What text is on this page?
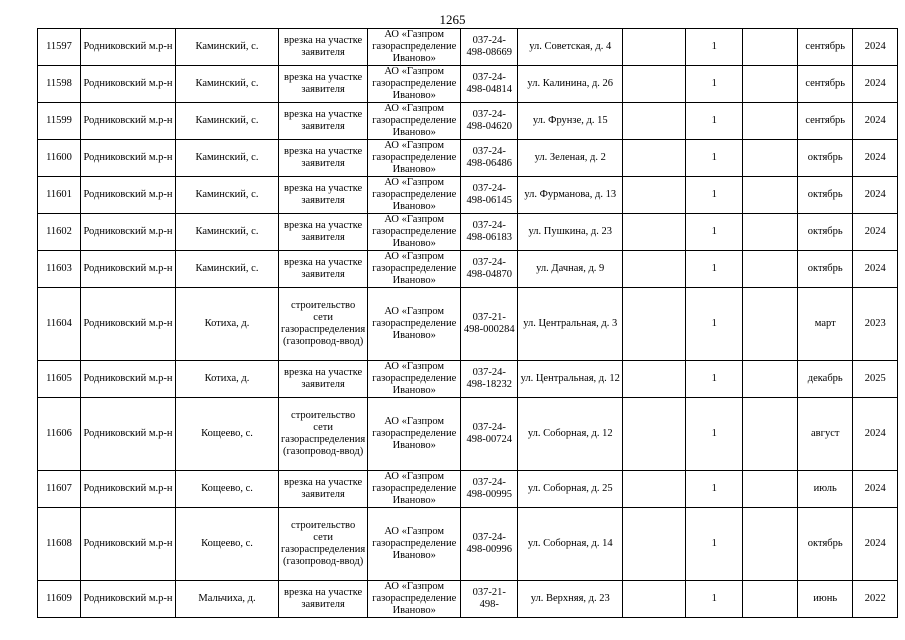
1265
11597	Родниковский м.р-н	Каминский, с.	врезка на участке заявителя	АО «Газпром газораспределение Иваново»	037-24-498-08669	ул. Советская, д. 4		1		сентябрь	2024
11598	Родниковский м.р-н	Каминский, с.	врезка на участке заявителя	АО «Газпром газораспределение Иваново»	037-24-498-04814	ул. Калинина, д. 26		1		сентябрь	2024
11599	Родниковский м.р-н	Каминский, с.	врезка на участке заявителя	АО «Газпром газораспределение Иваново»	037-24-498-04620	ул. Фрунзе, д. 15		1		сентябрь	2024
11600	Родниковский м.р-н	Каминский, с.	врезка на участке заявителя	АО «Газпром газораспределение Иваново»	037-24-498-06486	ул. Зеленая, д. 2		1		октябрь	2024
11601	Родниковский м.р-н	Каминский, с.	врезка на участке заявителя	АО «Газпром газораспределение Иваново»	037-24-498-06145	ул. Фурманова, д. 13		1		октябрь	2024
11602	Родниковский м.р-н	Каминский, с.	врезка на участке заявителя	АО «Газпром газораспределение Иваново»	037-24-498-06183	ул. Пушкина, д. 23		1		октябрь	2024
11603	Родниковский м.р-н	Каминский, с.	врезка на участке заявителя	АО «Газпром газораспределение Иваново»	037-24-498-04870	ул. Дачная, д. 9		1		октябрь	2024
11604	Родниковский м.р-н	Котиха, д.	строительство сети газораспределения (газопровод-ввод)	АО «Газпром газораспределение Иваново»	037-21-498-000284	ул. Центральная, д. 3		1		март	2023
11605	Родниковский м.р-н	Котиха, д.	врезка на участке заявителя	АО «Газпром газораспределение Иваново»	037-24-498-18232	ул. Центральная, д. 12		1		декабрь	2025
11606	Родниковский м.р-н	Кощеево, с.	строительство сети газораспределения (газопровод-ввод)	АО «Газпром газораспределение Иваново»	037-24-498-00724	ул. Соборная, д. 12		1		август	2024
11607	Родниковский м.р-н	Кощеево, с.	врезка на участке заявителя	АО «Газпром газораспределение Иваново»	037-24-498-00995	ул. Соборная, д. 25		1		июль	2024
11608	Родниковский м.р-н	Кощеево, с.	строительство сети газораспределения (газопровод-ввод)	АО «Газпром газораспределение Иваново»	037-24-498-00996	ул. Соборная, д. 14		1		октябрь	2024
11609	Родниковский м.р-н	Мальчиха, д.	врезка на участке заявителя	АО «Газпром газораспределение Иваново»	037-21-498-	ул. Верхняя, д. 23		1		июнь	2022
